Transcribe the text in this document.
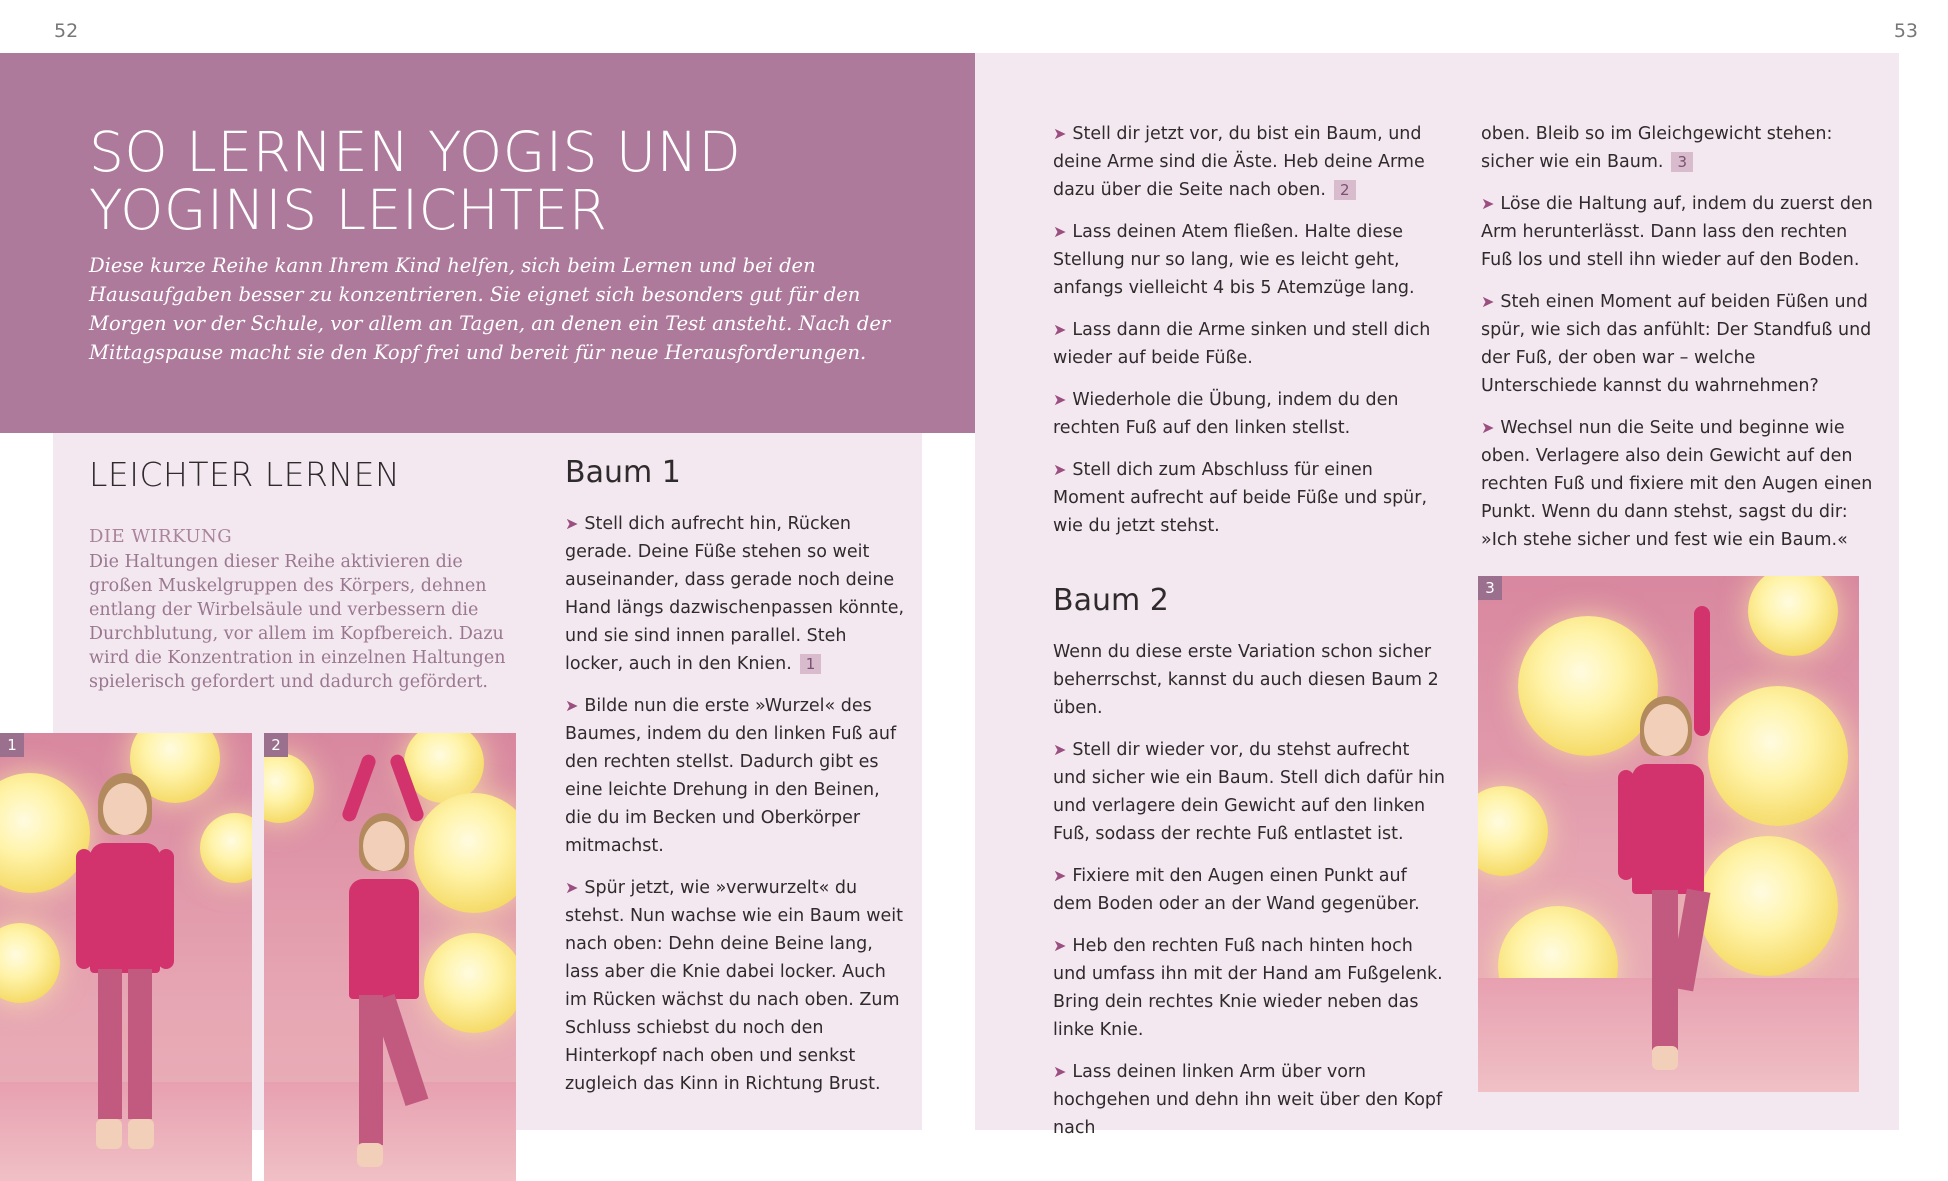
52	53
SO LERNEN YOGIS UND
YOGINIS LEICHTER

Diese kurze Reihe kann Ihrem Kind helfen, sich beim Lernen und bei den Hausaufgaben besser zu konzentrieren. Sie eignet sich besonders gut für den Morgen vor der Schule, vor allem an Tagen, an denen ein Test ansteht. Nach der Mittagspause macht sie den Kopf frei und bereit für neue Herausforderungen.

LEICHTER LERNEN
DIE WIRKUNG
Die Haltungen dieser Reihe aktivieren die großen Muskelgruppen des Körpers, dehnen entlang der Wirbelsäule und verbessern die Durchblutung, vor allem im Kopfbereich. Dazu wird die Konzentration in einzelnen Haltungen spielerisch gefordert und dadurch gefördert.
Baum 1

➤ Stell dich aufrecht hin, Rücken gerade. Deine Füße stehen so weit auseinander, dass gerade noch deine Hand längs dazwischenpassen könnte, und sie sind innen parallel. Steh locker, auch in den Knien. 1

➤ Bilde nun die erste »Wurzel« des Baumes, indem du den linken Fuß auf den rechten stellst. Dadurch gibt es eine leichte Drehung in den Beinen, die du im Becken und Oberkörper mitmachst.

➤ Spür jetzt, wie »verwurzelt« du stehst. Nun wachse wie ein Baum weit nach oben: Dehn deine Beine lang, lass aber die Knie dabei locker. Auch im Rücken wächst du nach oben. Zum Schluss schiebst du noch den Hinterkopf nach oben und senkst zugleich das Kinn in Richtung Brust.

➤ Stell dir jetzt vor, du bist ein Baum, und deine Arme sind die Äste. Heb deine Arme dazu über die Seite nach oben. 2

➤ Lass deinen Atem fließen. Halte diese Stellung nur so lang, wie es leicht geht, anfangs vielleicht 4 bis 5 Atemzüge lang.

➤ Lass dann die Arme sinken und stell dich wieder auf beide Füße.

➤ Wiederhole die Übung, indem du den rechten Fuß auf den linken stellst.

➤ Stell dich zum Abschluss für einen Moment aufrecht auf beide Füße und spür, wie du jetzt stehst.

Baum 2

Wenn du diese erste Variation schon sicher beherrschst, kannst du auch diesen Baum 2 üben.

➤ Stell dir wieder vor, du stehst aufrecht und sicher wie ein Baum. Stell dich dafür hin und verlagere dein Gewicht auf den linken Fuß, sodass der rechte Fuß entlastet ist.

➤ Fixiere mit den Augen einen Punkt auf dem Boden oder an der Wand gegenüber.

➤ Heb den rechten Fuß nach hinten hoch und umfass ihn mit der Hand am Fußgelenk. Bring dein rechtes Knie wieder neben das linke Knie.

➤ Lass deinen linken Arm über vorn hochgehen und dehn ihn weit über den Kopf nach

oben. Bleib so im Gleichgewicht stehen: sicher wie ein Baum. 3

➤ Löse die Haltung auf, indem du zuerst den Arm herunterlässt. Dann lass den rechten Fuß los und stell ihn wieder auf den Boden.

➤ Steh einen Moment auf beiden Füßen und spür, wie sich das anfühlt: Der Standfuß und der Fuß, der oben war – welche Unterschiede kannst du wahrnehmen?

➤ Wechsel nun die Seite und beginne wie oben. Verlagere also dein Gewicht auf den rechten Fuß und fixiere mit den Augen einen Punkt. Wenn du dann stehst, sagst du dir: »Ich stehe sicher und fest wie ein Baum.«

1	2
3
